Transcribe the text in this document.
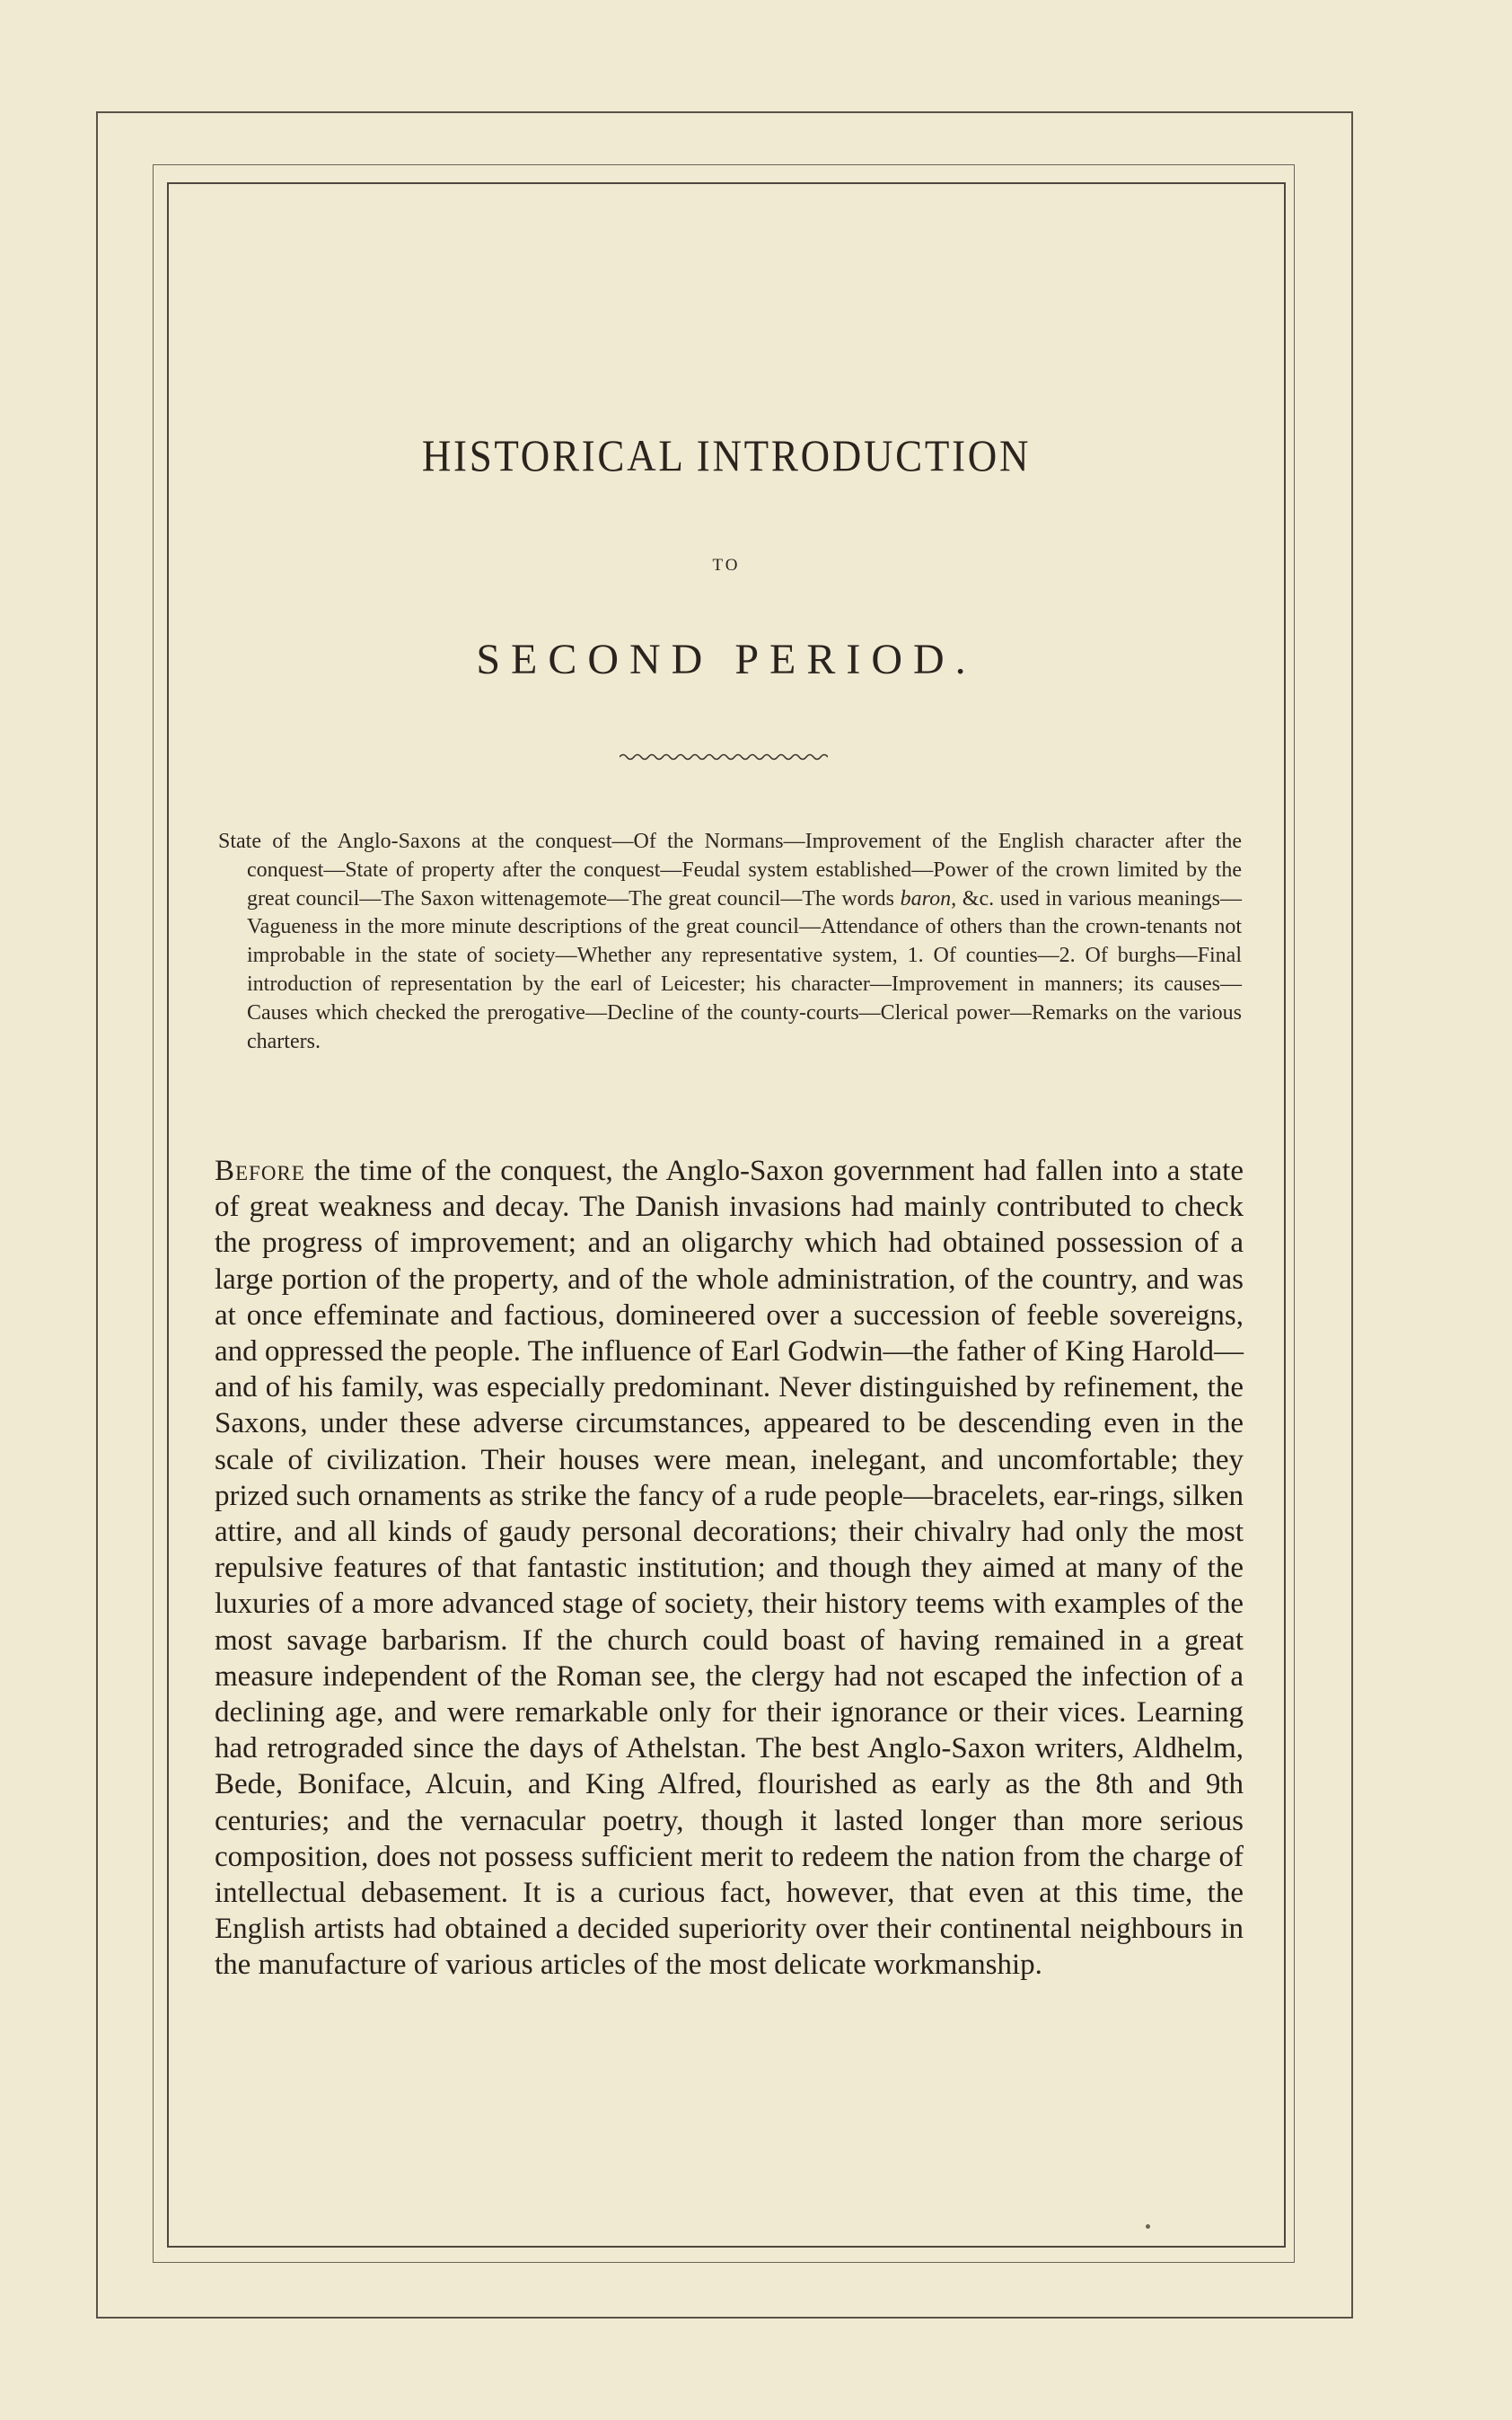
HISTORICAL INTRODUCTION
TO
SECOND PERIOD.
State of the Anglo-Saxons at the conquest—Of the Normans—Improvement of the English character after the conquest—State of property after the conquest—Feudal system established—Power of the crown limited by the great council—The Saxon wittenagemote—The great council—The words baron, &c. used in various meanings—Vagueness in the more minute descriptions of the great council—Attendance of others than the crown-tenants not improbable in the state of society—Whether any representative system, 1. Of counties—2. Of burghs—Final introduction of representation by the earl of Leicester; his character—Improvement in manners; its causes—Causes which checked the prerogative—Decline of the county-courts—Clerical power—Remarks on the various charters.
Before the time of the conquest, the Anglo-Saxon government had fallen into a state of great weakness and decay. The Danish invasions had mainly contributed to check the progress of improvement; and an oligarchy which had obtained possession of a large portion of the property, and of the whole administration, of the country, and was at once effeminate and factious, domineered over a succession of feeble sovereigns, and oppressed the people. The influence of Earl Godwin—the father of King Harold—and of his family, was especially predominant. Never distinguished by refinement, the Saxons, under these adverse circumstances, appeared to be descending even in the scale of civilization. Their houses were mean, inelegant, and uncomfortable; they prized such ornaments as strike the fancy of a rude people—bracelets, ear-rings, silken attire, and all kinds of gaudy personal decorations; their chivalry had only the most repulsive features of that fantastic institution; and though they aimed at many of the luxuries of a more advanced stage of society, their history teems with examples of the most savage barbarism. If the church could boast of having remained in a great measure independent of the Roman see, the clergy had not escaped the infection of a declining age, and were remarkable only for their ignorance or their vices. Learning had retrograded since the days of Athelstan. The best Anglo-Saxon writers, Aldhelm, Bede, Boniface, Alcuin, and King Alfred, flourished as early as the 8th and 9th centuries; and the vernacular poetry, though it lasted longer than more serious composition, does not possess sufficient merit to redeem the nation from the charge of intellectual debasement. It is a curious fact, however, that even at this time, the English artists had obtained a decided superiority over their continental neighbours in the manufacture of various articles of the most delicate workmanship.
